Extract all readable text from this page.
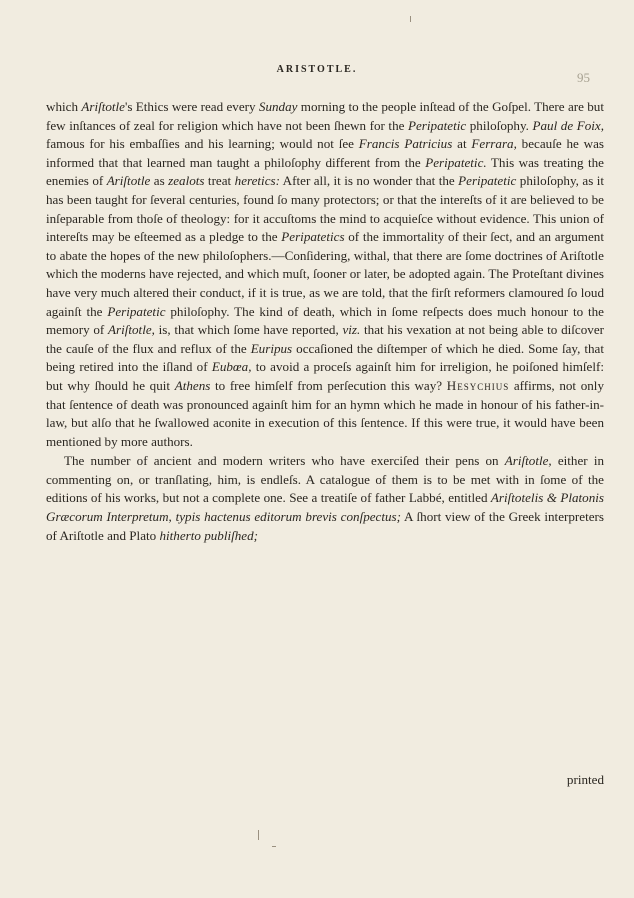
ARISTOTLE.
95

which Ariſtotle's Ethics were read every Sunday morning to the people inſtead of the Goſpel. There are but few inſtances of zeal for religion which have not been ſhewn for the Peripatetic philoſophy. Paul de Foix, famous for his embaſſies and his learning; would not ſee Francis Patricius at Ferrara, becauſe he was informed that that learned man taught a philoſophy different from the Peripatetic. This was treating the enemies of Ariſtotle as zealots treat heretics: After all, it is no wonder that the Peripatetic philoſophy, as it has been taught for ſeveral centuries, found ſo many protectors; or that the intereſts of it are believed to be inſeparable from thoſe of theology: for it accuſtoms the mind to acquieſce without evidence. This union of intereſts may be eſteemed as a pledge to the Peripatetics of the immortality of their ſect, and an argument to abate the hopes of the new philoſophers.—Conſidering, withal, that there are ſome doctrines of Ariſtotle which the moderns have rejected, and which muſt, ſooner or later, be adopted again. The Proteſtant divines have very much altered their conduct, if it is true, as we are told, that the firſt reformers clamoured ſo loud againſt the Peripatetic philoſophy. The kind of death, which in ſome reſpects does much honour to the memory of Ariſtotle, is, that which ſome have reported, viz. that his vexation at not being able to diſcover the cauſe of the flux and reflux of the Euripus occaſioned the diſtemper of which he died. Some ſay, that being retired into the iſland of Eubœa, to avoid a proceſs againſt him for irreligion, he poiſoned himſelf: but why ſhould he quit Athens to free himſelf from perſecution this way? Hesychius affirms, not only that ſentence of death was pronounced againſt him for an hymn which he made in honour of his father-in-law, but alſo that he ſwallowed aconite in execution of this ſentence. If this were true, it would have been mentioned by more authors.

The number of ancient and modern writers who have exerciſed their pens on Ariſtotle, either in commenting on, or tranſlating, him, is endleſs. A catalogue of them is to be met with in ſome of the editions of his works, but not a complete one. See a treatiſe of father Labbé, entitled Ariſtotelis & Platonis Græcorum Interpretum, typis hactenus editorum brevis conſpectus; A ſhort view of the Greek interpreters of Ariſtotle and Plato hitherto publiſhed;

printed
